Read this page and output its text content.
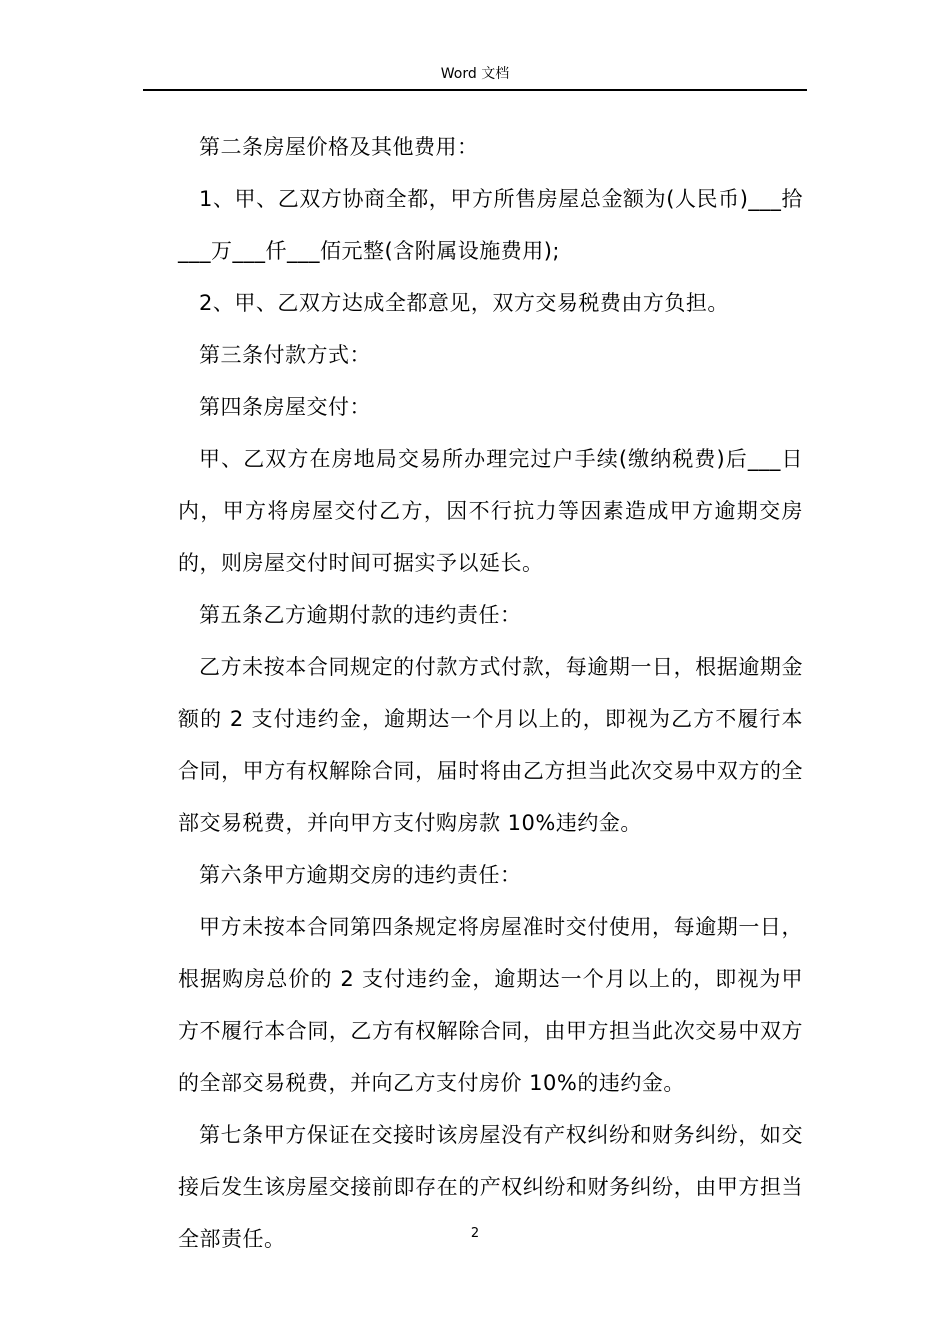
Word 文档

第二条房屋价格及其他费用：

1、甲、乙双方协商全都，甲方所售房屋总金额为(人民币)___拾___万___仟___佰元整(含附属设施费用);

2、甲、乙双方达成全都意见，双方交易税费由方负担。

第三条付款方式：

第四条房屋交付：

甲、乙双方在房地局交易所办理完过户手续(缴纳税费)后___日内，甲方将房屋交付乙方，因不行抗力等因素造成甲方逾期交房的，则房屋交付时间可据实予以延长。

第五条乙方逾期付款的违约责任：

乙方未按本合同规定的付款方式付款，每逾期一日，根据逾期金额的 2 支付违约金，逾期达一个月以上的，即视为乙方不履行本合同，甲方有权解除合同，届时将由乙方担当此次交易中双方的全部交易税费，并向甲方支付购房款 10%违约金。

第六条甲方逾期交房的违约责任：

甲方未按本合同第四条规定将房屋准时交付使用，每逾期一日，根据购房总价的 2 支付违约金，逾期达一个月以上的，即视为甲方不履行本合同，乙方有权解除合同，由甲方担当此次交易中双方的全部交易税费，并向乙方支付房价 10%的违约金。

第七条甲方保证在交接时该房屋没有产权纠纷和财务纠纷，如交接后发生该房屋交接前即存在的产权纠纷和财务纠纷，由甲方担当全部责任。	2
